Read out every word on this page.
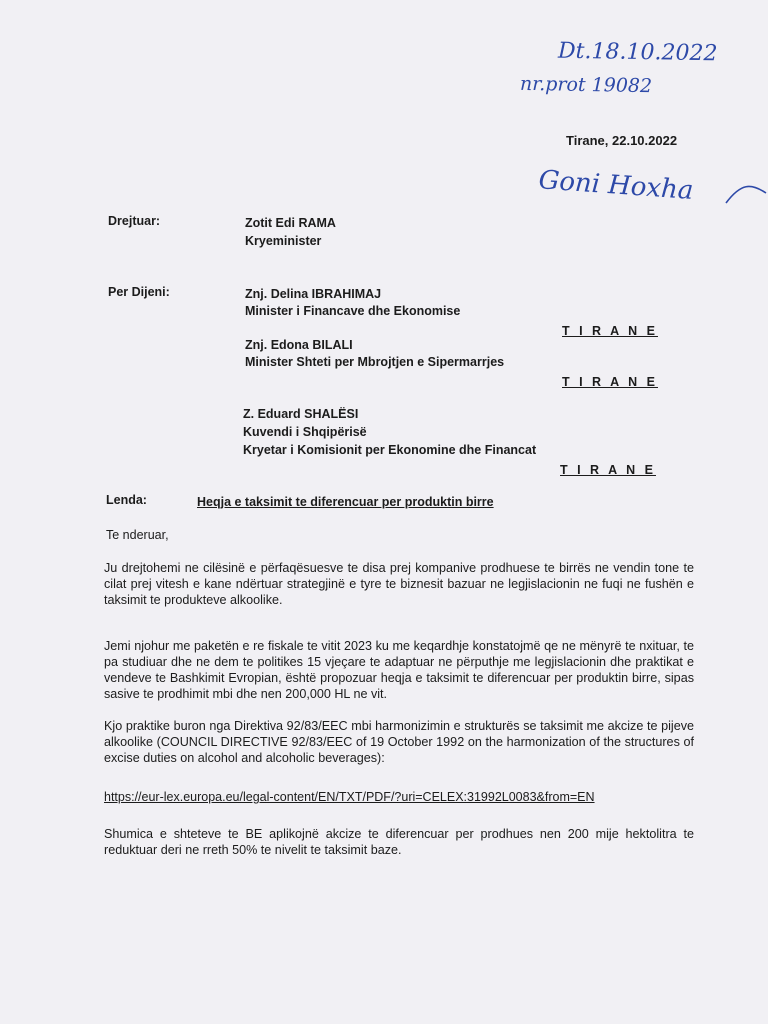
Dt.18.10.2022
nr.prot 19082
Tirane, 22.10.2022
Goni Hoxha
Drejtuar:	Zotit Edi RAMA
Kryeminister
Per Dijeni:	Znj. Delina IBRAHIMAJ
Minister i Financave dhe Ekonomise
T I R A N E
Znj. Edona BILALI
Minister Shteti per Mbrojtjen e Sipermarrjes
T I R A N E
Z. Eduard SHALËSI
Kuvendi i Shqipërisë
Kryetar i Komisionit per Ekonomine dhe Financat
T I R A N E
Lenda:	Heqja e taksimit te diferencuar per produktin birre
Te nderuar,
Ju drejtohemi ne cilësinë e përfaqësuesve te disa prej kompanive prodhuese te birrës ne vendin tone te cilat prej vitesh e kane ndërtuar strategjinë e tyre te biznesit bazuar ne legjislacionin ne fuqi ne fushën e taksimit te produkteve alkoolike.
Jemi njohur me paketën e re fiskale te vitit 2023 ku me keqardhje konstatojmë qe ne mënyrë te nxituar, te pa studiuar dhe ne dem te politikes 15 vjeçare te adaptuar ne përputhje me legjislacionin dhe praktikat e vendeve te Bashkimit Evropian, është propozuar heqja e taksimit te diferencuar per produktin birre, sipas sasive te prodhimit mbi dhe nen 200,000 HL ne vit.
Kjo praktike buron nga Direktiva 92/83/EEC mbi harmonizimin e strukturës se taksimit me akcize te pijeve alkoolike (COUNCIL DIRECTIVE 92/83/EEC of 19 October 1992 on the harmonization of the structures of excise duties on alcohol and alcoholic beverages):
https://eur-lex.europa.eu/legal-content/EN/TXT/PDF/?uri=CELEX:31992L0083&from=EN
Shumica e shteteve te BE aplikojnë akcize te diferencuar per prodhues nen 200 mije hektolitra te reduktuar deri ne rreth 50% te nivelit te taksimit baze.
